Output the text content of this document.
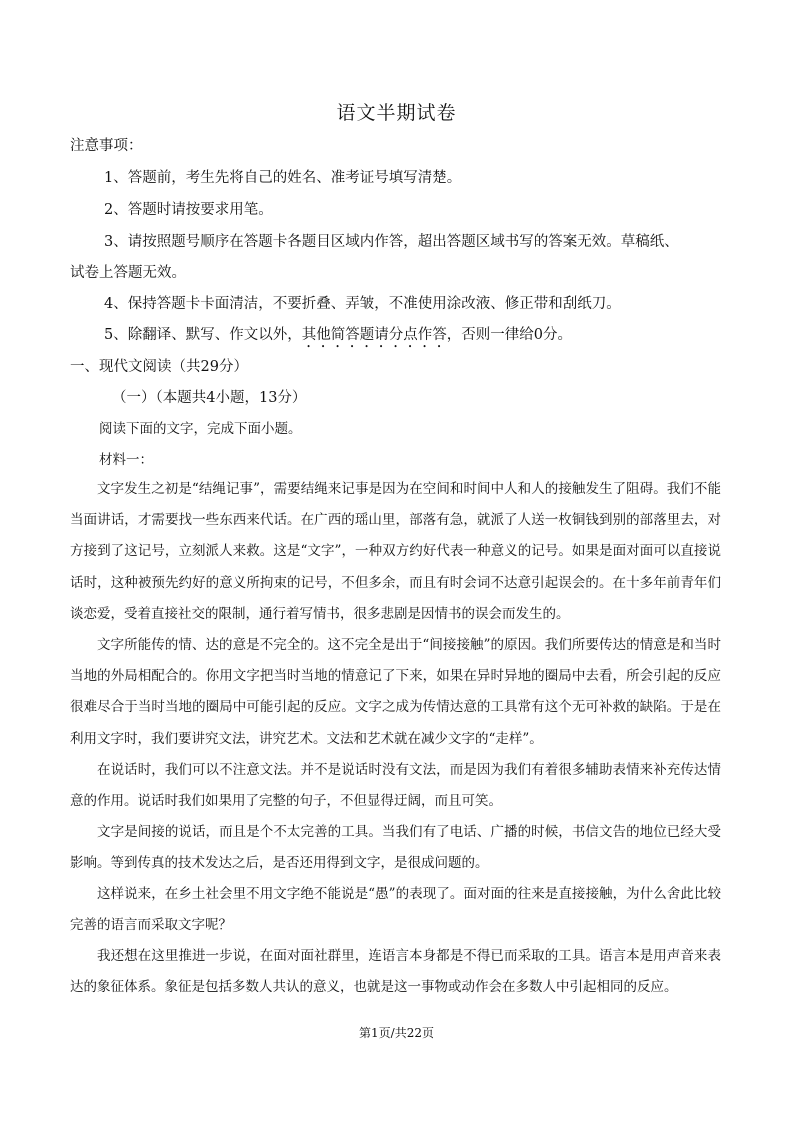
语文半期试卷
注意事项：
1、答题前，考生先将自己的姓名、准考证号填写清楚。
2、答题时请按要求用笔。
3、请按照题号顺序在答题卡各题目区域内作答，超出答题区域书写的答案无效。草稿纸、
试卷上答题无效。
4、保持答题卡卡面清洁，不要折叠、弄皱，不准使用涂改液、修正带和刮纸刀。
5、除翻译、默写、作文以外，其他简答题请分点作答，否则一律给0分。
一、现代文阅读（共29分）
（一）（本题共4小题，13分）
阅读下面的文字，完成下面小题。
材料一：
文字发生之初是“结绳记事”，需要结绳来记事是因为在空间和时间中人和人的接触发生了阻碍。我们不能当面讲话，才需要找一些东西来代话。在广西的瑶山里，部落有急，就派了人送一枚铜钱到别的部落里去，对方接到了这记号，立刻派人来救。这是“文字”，一种双方约好代表一种意义的记号。如果是面对面可以直接说话时，这种被预先约好的意义所拘束的记号，不但多余，而且有时会词不达意引起误会的。在十多年前青年们谈恋爱，受着直接社交的限制，通行着写情书，很多悲剧是因情书的误会而发生的。
文字所能传的情、达的意是不完全的。这不完全是出于“间接接触”的原因。我们所要传达的情意是和当时当地的外局相配合的。你用文字把当时当地的情意记了下来，如果在异时异地的圈局中去看，所会引起的反应很难尽合于当时当地的圈局中可能引起的反应。文字之成为传情达意的工具常有这个无可补救的缺陷。于是在利用文字时，我们要讲究文法，讲究艺术。文法和艺术就在减少文字的“走样”。
在说话时，我们可以不注意文法。并不是说话时没有文法，而是因为我们有着很多辅助表情来补充传达情意的作用。说话时我们如果用了完整的句子，不但显得迂阔，而且可笑。
文字是间接的说话，而且是个不太完善的工具。当我们有了电话、广播的时候，书信文告的地位已经大受影响。等到传真的技术发达之后，是否还用得到文字，是很成问题的。
这样说来，在乡土社会里不用文字绝不能说是“愚”的表现了。面对面的往来是直接接触，为什么舍此比较完善的语言而采取文字呢？
我还想在这里推进一步说，在面对面社群里，连语言本身都是不得已而采取的工具。语言本是用声音来表达的象征体系。象征是包括多数人共认的意义，也就是这一事物或动作会在多数人中引起相同的反应。
第1页/共22页
